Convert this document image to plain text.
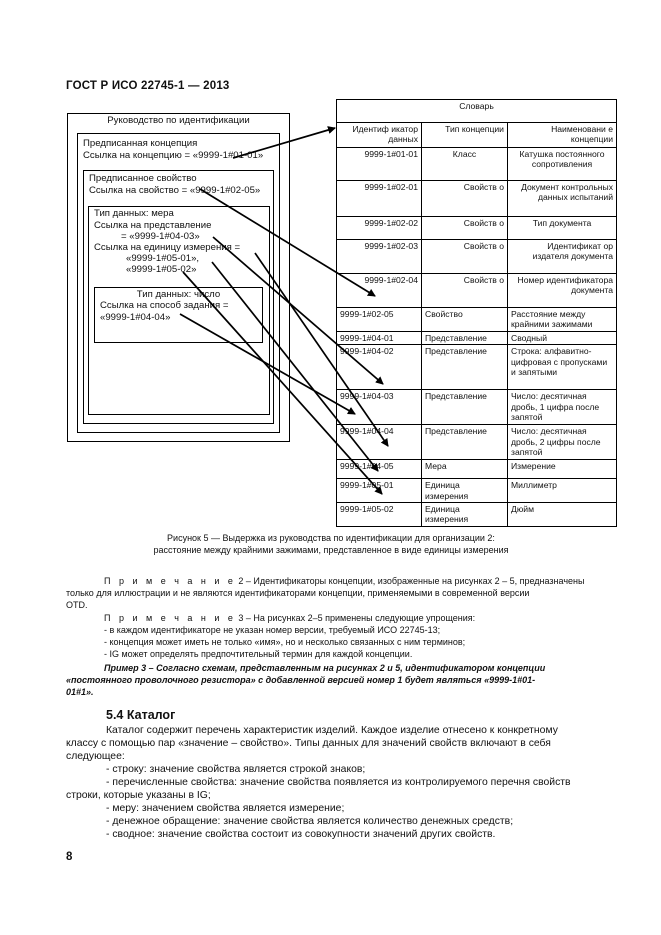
ГОСТ Р ИСО 22745-1 — 2013
Руководство по идентификации
Предписанная концепция
Ссылка на концепцию = «9999-1#01-01»
Предписанное свойство
Ссылка на свойство = «9999-1#02-05»
Тип данных: мера
Ссылка на представление
= «9999-1#04-03»
Ссылка на единицу измерения =
«9999-1#05-01»,
«9999-1#05-02»
Тип данных: число
Ссылка на способ задания =
«9999-1#04-04»
Словарь		
Идентиф икатор данных	Тип концепции	Наименовани е концепции
9999-1#01-01	Класс	Катушка постоянного сопротивления
9999-1#02-01	Свойств о	Документ контрольных данных испытаний
9999-1#02-02	Свойств о	Тип документа
9999-1#02-03	Свойств о	Идентификат ор издателя документа
9999-1#02-04	Свойств о	Номер идентификатора документа
9999-1#02-05	Свойство	Расстояние между крайними зажимами
9999-1#04-01	Представление	Сводный
9999-1#04-02	Представление	Строка: алфавитно-цифровая с пропусками и запятыми
9999-1#04-03	Представление	Число: десятичная дробь, 1 цифра после запятой
9999-1#04-04	Представление	Число: десятичная дробь, 2 цифры после запятой
9999-1#04-05	Мера	Измерение
9999-1#05-01	Единица измерения	Миллиметр
9999-1#05-02	Единица измерения	Дюйм
Рисунок 5 — Выдержка из руководства по идентификации для организации 2:
расстояние между крайними зажимами, представленное в виде единицы измерения
П р и м е ч а н и е 2 – Идентификаторы концепции, изображенные на рисунках 2 – 5, предназначены
только для иллюстрации и не являются идентификаторами концепции, применяемыми в современной версии
OTD.
П р и м е ч а н и е 3 – На рисунках 2–5 применены следующие упрощения:
- в каждом идентификаторе не указан номер версии, требуемый ИСО 22745-13;
- концепция может иметь не только «имя», но и несколько связанных с ним терминов;
- IG может определять предпочтительный термин для каждой концепции.
Пример 3 – Согласно схемам, представленным на рисунках 2 и 5, идентификатором концепции
«постоянного проволочного резистора» с добавленной версией номер 1 будет являться «9999-1#01-
01#1».
5.4 Каталог
Каталог содержит перечень характеристик изделий. Каждое изделие отнесено к конкретному
классу с помощью пар «значение – свойство». Типы данных для значений свойств включают в себя
следующее:
- строку: значение свойства является строкой знаков;
- перечисленные свойства: значение свойства появляется из контролируемого перечня свойств
строки, которые указаны в IG;
- меру: значением свойства является измерение;
- денежное обращение: значение свойства является количество денежных средств;
- сводное: значение свойства состоит из совокупности значений других свойств.
8
